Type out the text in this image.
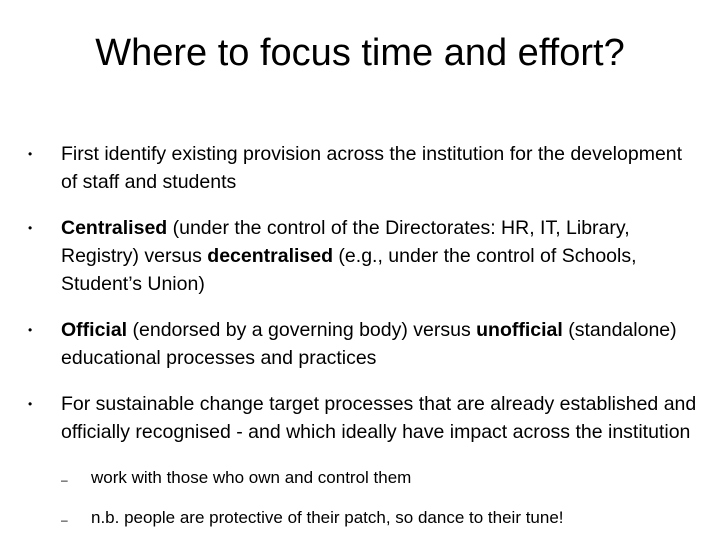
Where to focus time and effort?
• First identify existing provision across the institution for the development of staff and students
• Centralised (under the control of the Directorates: HR, IT, Library, Registry) versus decentralised (e.g., under the control of Schools, Student’s Union)
• Official (endorsed by a governing body) versus unofficial (standalone) educational processes and practices
• For sustainable change target processes that are already established and officially recognised - and which ideally have impact across the institution
– work with those who own and control them
– n.b. people are protective of their patch, so dance to their tune!
